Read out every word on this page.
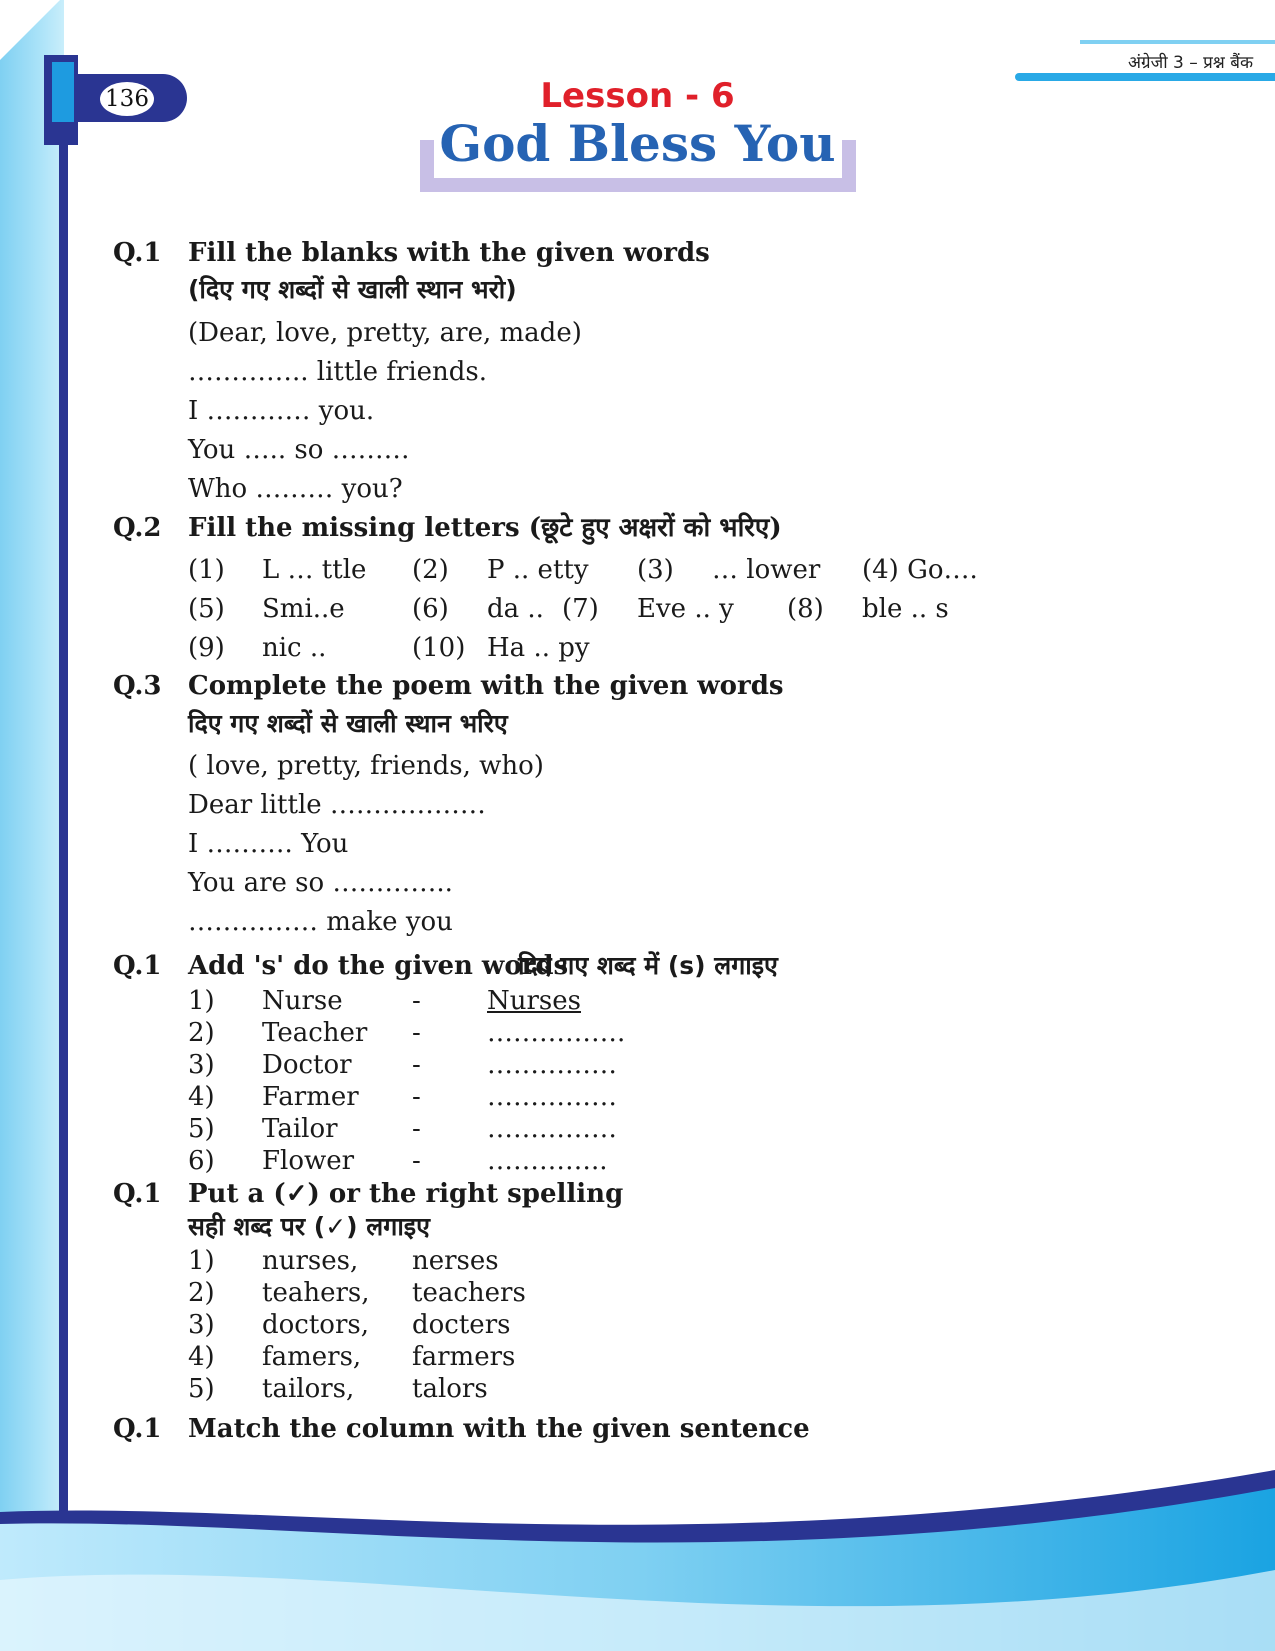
136
अंग्रेजी 3 – प्रश्न बैंक
Lesson - 6
God Bless You
Q.1 Fill the blanks with the given words
(दिए गए शब्दों से खाली स्थान भरो)
(Dear, love, pretty, are, made)
………….. little friends.
I ………… you.
You ….. so ………
Who ……… you?
Q.2 Fill the missing letters (छूटे हुए अक्षरों को भरिए)
(1) L … ttle (2) P .. etty (3) … lower (4) Go….
(5) Smi..e	(6) da .. (7) Eve .. y (8) ble .. s
(9) nic ..	(10) Ha .. py
Q.3 Complete the poem with the given words
दिए गए शब्दों से खाली स्थान भरिए
( love, pretty, friends, who)
Dear little ………………
I ………. You
You are so …………..
…………… make you
Q.1 Add 's' do the given words
दिए गए शब्द में (s) लगाइए
1) Nurse	-	Nurses
2) Teacher -	…………….
3) Doctor -	……………
4) Farmer -	……………
5) Tailor	-	……………
6) Flower -	…………..
Q.1 Put a (✓) or the right spelling
सही शब्द पर (✓) लगाइए
1) nurses, nerses
2) teahers, teachers
3) doctors, docters
4) famers, farmers
5) tailors, talors
Q.1 Match the column with the given sentence
